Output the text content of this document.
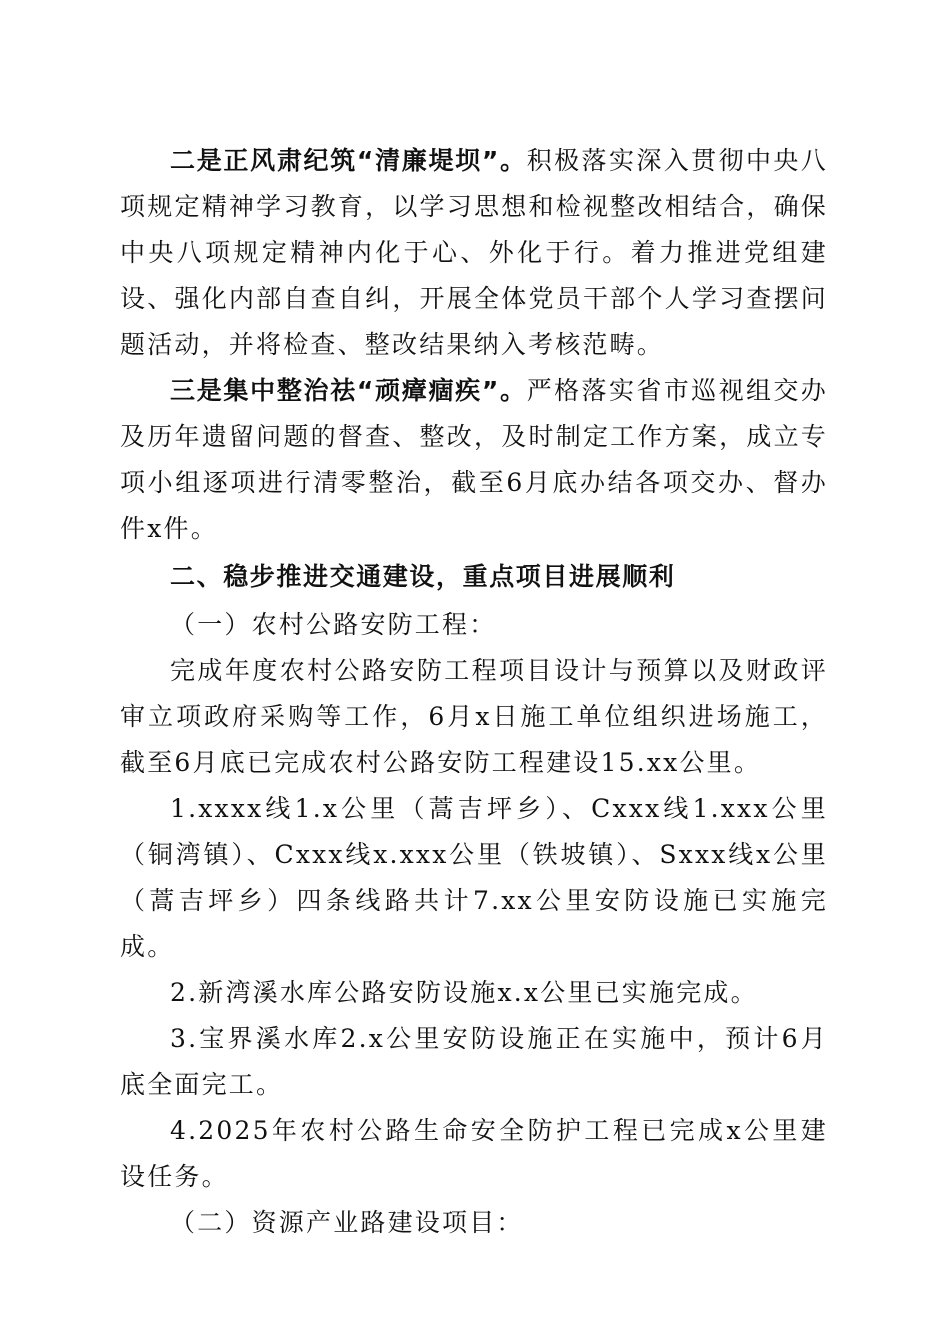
二是正风肃纪筑“清廉堤坝”。积极落实深入贯彻中央八项规定精神学习教育，以学习思想和检视整改相结合，确保中央八项规定精神内化于心、外化于行。着力推进党组建设、强化内部自查自纠，开展全体党员干部个人学习查摆问题活动，并将检查、整改结果纳入考核范畴。

三是集中整治祛“顽瘴痼疾”。严格落实省市巡视组交办及历年遗留问题的督查、整改，及时制定工作方案，成立专项小组逐项进行清零整治，截至6月底办结各项交办、督办件x件。

二、稳步推进交通建设，重点项目进展顺利

（一）农村公路安防工程：

完成年度农村公路安防工程项目设计与预算以及财政评审立项政府采购等工作，6月x日施工单位组织进场施工，截至6月底已完成农村公路安防工程建设15.xx公里。

1.xxxx线1.x公里（蒿吉坪乡）、Cxxx线1.xxx公里（铜湾镇）、Cxxx线x.xxx公里（铁坡镇）、Sxxx线x公里（蒿吉坪乡）四条线路共计7.xx公里安防设施已实施完成。

2.新湾溪水库公路安防设施x.x公里已实施完成。

3.宝界溪水库2.x公里安防设施正在实施中，预计6月底全面完工。

4.2025年农村公路生命安全防护工程已完成x公里建设任务。

（二）资源产业路建设项目：
